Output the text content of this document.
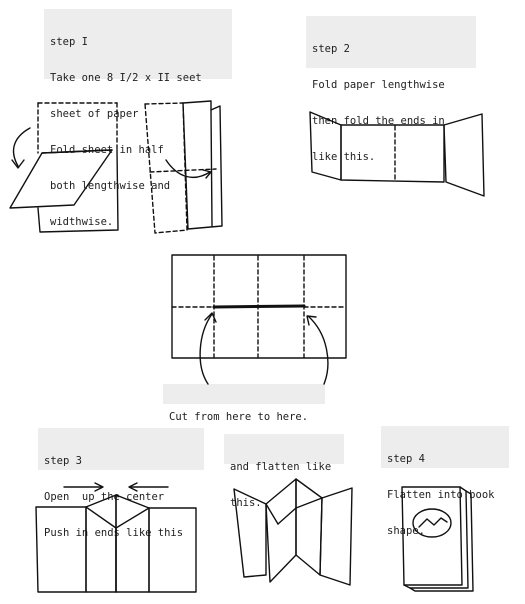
step I

Take one 8 I/2 x II seet

sheet of paper

Fold sheet in half

both lengthwise and

widthwise.

step 2

Fold paper lengthwise

then fold the ends in

like this.

Cut from here to here.

step 3

Open  up the center

Push in ends like this

and flatten like

this.

step 4

Flatten into book

shape.
